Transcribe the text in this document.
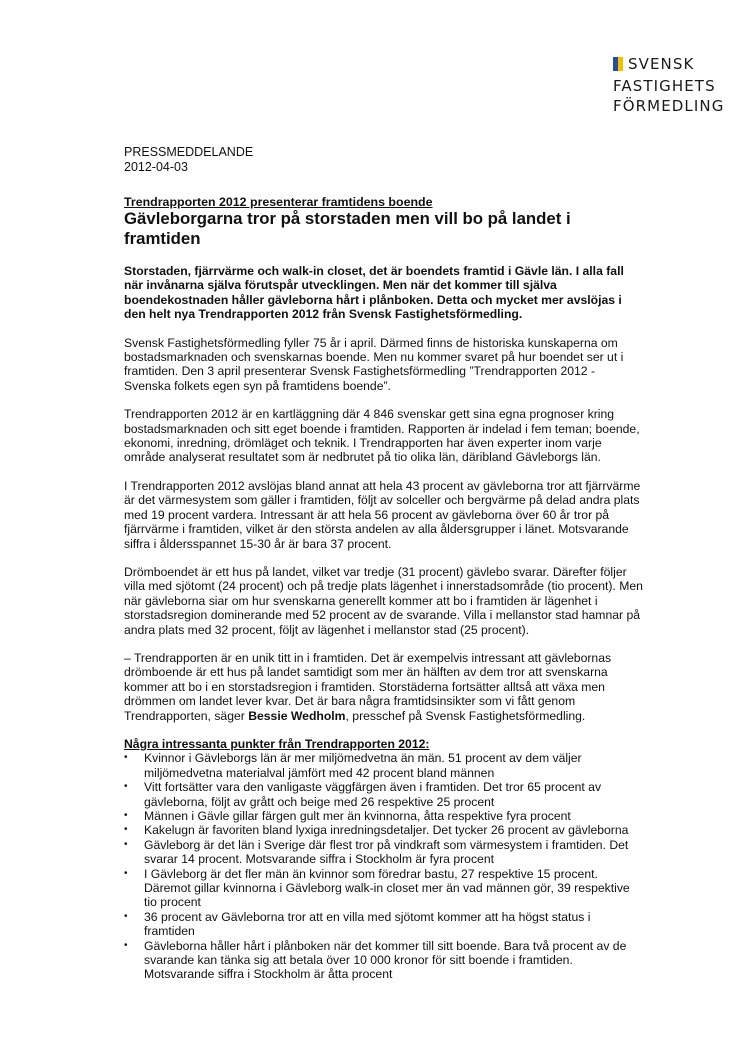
SVENSK
FASTIGHETS
FÖRMEDLING
PRESSMEDDELANDE
2012-04-03
Trendrapporten 2012 presenterar framtidens boende
Gävleborgarna tror på storstaden men vill bo på landet i framtiden
Storstaden, fjärrvärme och walk-in closet, det är boendets framtid i Gävle län. I alla fall när invånarna själva förutspår utvecklingen. Men när det kommer till själva boendekostnaden håller gävleborna hårt i plånboken. Detta och mycket mer avslöjas i den helt nya Trendrapporten 2012 från Svensk Fastighetsförmedling.

Svensk Fastighetsförmedling fyller 75 år i april. Därmed finns de historiska kunskaperna om bostadsmarknaden och svenskarnas boende. Men nu kommer svaret på hur boendet ser ut i framtiden. Den 3 april presenterar Svensk Fastighetsförmedling ”Trendrapporten 2012 - Svenska folkets egen syn på framtidens boende”.

Trendrapporten 2012 är en kartläggning där 4 846 svenskar gett sina egna prognoser kring bostadsmarknaden och sitt eget boende i framtiden. Rapporten är indelad i fem teman; boende, ekonomi, inredning, drömläget och teknik. I Trendrapporten har även experter inom varje område analyserat resultatet som är nedbrutet på tio olika län, däribland Gävleborgs län.

I Trendrapporten 2012 avslöjas bland annat att hela 43 procent av gävleborna tror att fjärrvärme är det värmesystem som gäller i framtiden, följt av solceller och bergvärme på delad andra plats med 19 procent vardera. Intressant är att hela 56 procent av gävleborna över 60 år tror på fjärrvärme i framtiden, vilket är den största andelen av alla åldersgrupper i länet. Motsvarande siffra i åldersspannet 15-30 år är bara 37 procent.

Drömboendet är ett hus på landet, vilket var tredje (31 procent) gävlebo svarar. Därefter följer villa med sjötomt (24 procent) och på tredje plats lägenhet i innerstadsområde (tio procent). Men när gävleborna siar om hur svenskarna generellt kommer att bo i framtiden är lägenhet i storstadsregion dominerande med 52 procent av de svarande. Villa i mellanstor stad hamnar på andra plats med 32 procent, följt av lägenhet i mellanstor stad (25 procent).

– Trendrapporten är en unik titt in i framtiden. Det är exempelvis intressant att gävlebornas drömboende är ett hus på landet samtidigt som mer än hälften av dem tror att svenskarna kommer att bo i en storstadsregion i framtiden. Storstäderna fortsätter alltså att växa men drömmen om landet lever kvar. Det är bara några framtidsinsikter som vi fått genom Trendrapporten, säger Bessie Wedholm, presschef på Svensk Fastighetsförmedling.

Några intressanta punkter från Trendrapporten 2012:
• Kvinnor i Gävleborgs län är mer miljömedvetna än män. 51 procent av dem väljer miljömedvetna materialval jämfört med 42 procent bland männen
• Vitt fortsätter vara den vanligaste väggfärgen även i framtiden. Det tror 65 procent av gävleborna, följt av grått och beige med 26 respektive 25 procent
• Männen i Gävle gillar färgen gult mer än kvinnorna, åtta respektive fyra procent
• Kakelugn är favoriten bland lyxiga inredningsdetaljer. Det tycker 26 procent av gävleborna
• Gävleborg är det län i Sverige där flest tror på vindkraft som värmesystem i framtiden. Det svarar 14 procent. Motsvarande siffra i Stockholm är fyra procent
• I Gävleborg är det fler män än kvinnor som föredrar bastu, 27 respektive 15 procent. Däremot gillar kvinnorna i Gävleborg walk-in closet mer än vad männen gör, 39 respektive tio procent
• 36 procent av Gävleborna tror att en villa med sjötomt kommer att ha högst status i framtiden
• Gävleborna håller hårt i plånboken när det kommer till sitt boende. Bara två procent av de svarande kan tänka sig att betala över 10 000 kronor för sitt boende i framtiden. Motsvarande siffra i Stockholm är åtta procent
